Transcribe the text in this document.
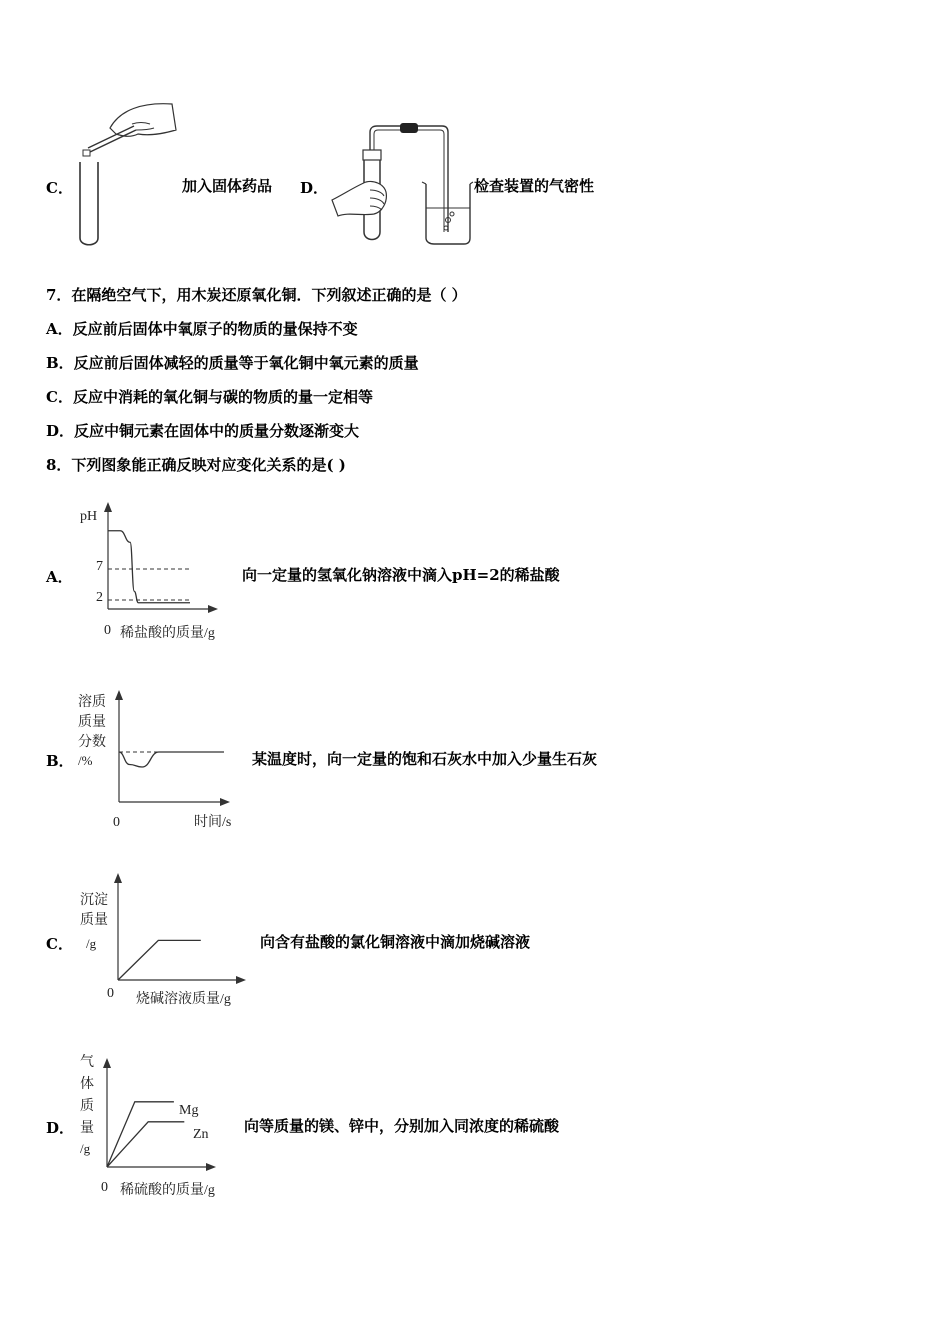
C．	加入固体药品 D．	检查装置的气密性
7．在隔绝空气下，用木炭还原氧化铜．下列叙述正确的是（ ）
A．反应前后固体中氧原子的物质的量保持不变
B．反应前后固体减轻的质量等于氧化铜中氧元素的质量
C．反应中消耗的氧化铜与碳的物质的量一定相等
D．反应中铜元素在固体中的质量分数逐渐变大
8．下列图象能正确反映对应变化关系的是( )
A．
pH
0 稀盐酸的质量/g
7
2
向一定量的氢氧化钠溶液中滴入pH=2的稀盐酸
B．
溶质
质量
分数
/%
0	时间/s
某温度时，向一定量的饱和石灰水中加入少量生石灰
C．
沉淀
质量
/g
0 烧碱溶液质量/g
向含有盐酸的氯化铜溶液中滴加烧碱溶液
D．
气
体
质
量
/g
0 稀硫酸的质量/g
Mg
Zn 向等质量的镁、锌中，分别加入同浓度的稀硫酸
